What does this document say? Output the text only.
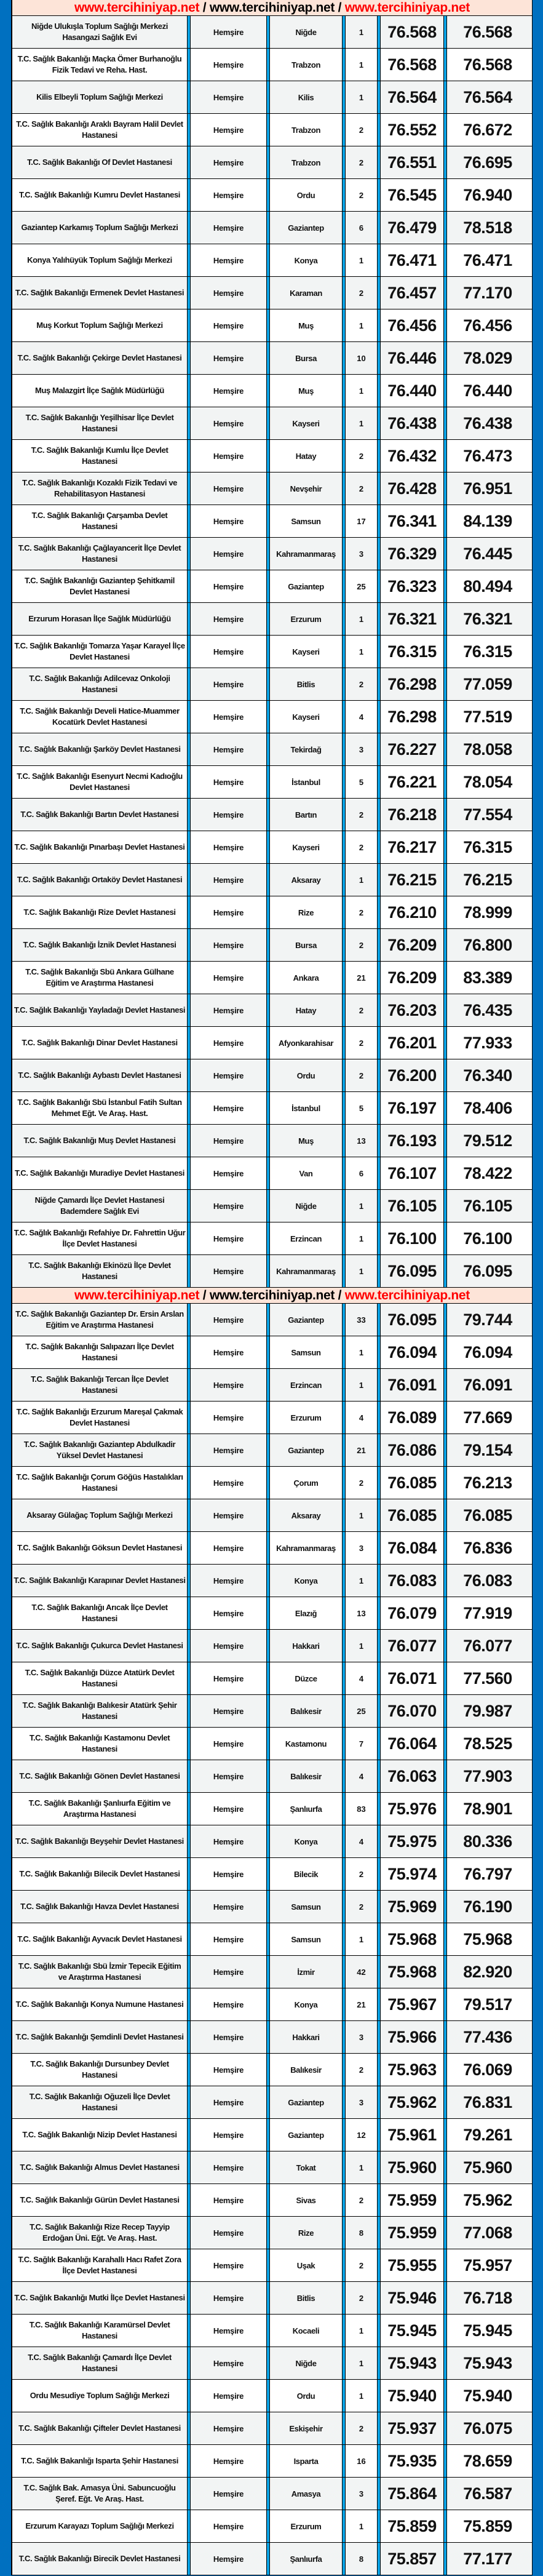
www.tercihiniyap.net / www.tercihiniyap.net / www.tercihiniyap.net
Niğde Ulukışla Toplum Sağlığı Merkezi Hasangazi Sağlık Evi
Hemşire	Niğde	1	76.568	76.568
T.C. Sağlık Bakanlığı Maçka Ömer Burhanoğlu Fizik Tedavi ve Reha. Hast.
Hemşire	Trabzon	1	76.568	76.568
Kilis Elbeyli Toplum Sağlığı Merkezi	Hemşire	Kilis	1	76.564	76.564
T.C. Sağlık Bakanlığı Araklı Bayram Halil Devlet Hastanesi
Hemşire	Trabzon	2	76.552	76.672
T.C. Sağlık Bakanlığı Of Devlet Hastanesi	Hemşire	Trabzon	2	76.551	76.695
T.C. Sağlık Bakanlığı Kumru Devlet Hastanesi	Hemşire	Ordu	2	76.545	76.940
Gaziantep Karkamış Toplum Sağlığı Merkezi	Hemşire	Gaziantep	6	76.479	78.518
Konya Yalıhüyük Toplum Sağlığı Merkezi	Hemşire	Konya	1	76.471	76.471
T.C. Sağlık Bakanlığı Ermenek Devlet Hastanesi	Hemşire	Karaman	2	76.457	77.170
Muş Korkut Toplum Sağlığı Merkezi	Hemşire	Muş	1	76.456	76.456
T.C. Sağlık Bakanlığı Çekirge Devlet Hastanesi	Hemşire	Bursa	10	76.446	78.029
Muş Malazgirt İlçe Sağlık Müdürlüğü	Hemşire	Muş	1	76.440	76.440
T.C. Sağlık Bakanlığı Yeşilhisar İlçe Devlet Hastanesi
Hemşire	Kayseri	1	76.438	76.438
T.C. Sağlık Bakanlığı Kumlu İlçe Devlet Hastanesi
Hemşire	Hatay	2	76.432	76.473
T.C. Sağlık Bakanlığı Kozaklı Fizik Tedavi ve Rehabilitasyon Hastanesi
Hemşire	Nevşehir	2	76.428	76.951
T.C. Sağlık Bakanlığı Çarşamba Devlet Hastanesi
Hemşire	Samsun	17	76.341	84.139
T.C. Sağlık Bakanlığı Çağlayancerit İlçe Devlet Hastanesi
Hemşire	Kahramanmaraş	3	76.329	76.445
T.C. Sağlık Bakanlığı Gaziantep Şehitkamil Devlet Hastanesi
Hemşire	Gaziantep	25	76.323	80.494
Erzurum Horasan İlçe Sağlık Müdürlüğü	Hemşire	Erzurum	1	76.321	76.321
T.C. Sağlık Bakanlığı Tomarza Yaşar Karayel İlçe Devlet Hastanesi
Hemşire	Kayseri	1	76.315	76.315
T.C. Sağlık Bakanlığı Adilcevaz Onkoloji Hastanesi
Hemşire	Bitlis	2	76.298	77.059
T.C. Sağlık Bakanlığı Develi Hatice-Muammer Kocatürk Devlet Hastanesi
Hemşire	Kayseri	4	76.298	77.519
T.C. Sağlık Bakanlığı Şarköy Devlet Hastanesi	Hemşire	Tekirdağ	3	76.227	78.058
T.C. Sağlık Bakanlığı Esenyurt Necmi Kadıoğlu Devlet Hastanesi
Hemşire	İstanbul	5	76.221	78.054
T.C. Sağlık Bakanlığı Bartın Devlet Hastanesi	Hemşire	Bartın	2	76.218	77.554
T.C. Sağlık Bakanlığı Pınarbaşı Devlet Hastanesi	Hemşire	Kayseri	2	76.217	76.315
T.C. Sağlık Bakanlığı Ortaköy Devlet Hastanesi	Hemşire	Aksaray	1	76.215	76.215
T.C. Sağlık Bakanlığı Rize Devlet Hastanesi	Hemşire	Rize	2	76.210	78.999
T.C. Sağlık Bakanlığı İznik Devlet Hastanesi	Hemşire	Bursa	2	76.209	76.800
T.C. Sağlık Bakanlığı Sbü Ankara Gülhane Eğitim ve Araştırma Hastanesi
Hemşire	Ankara	21	76.209	83.389
T.C. Sağlık Bakanlığı Yayladağı Devlet Hastanesi	Hemşire	Hatay	2	76.203	76.435
T.C. Sağlık Bakanlığı Dinar Devlet Hastanesi	Hemşire	Afyonkarahisar	2	76.201	77.933
T.C. Sağlık Bakanlığı Aybastı Devlet Hastanesi	Hemşire	Ordu	2	76.200	76.340
T.C. Sağlık Bakanlığı Sbü İstanbul Fatih Sultan Mehmet Eğt. Ve Araş. Hast.
Hemşire	İstanbul	5	76.197	78.406
T.C. Sağlık Bakanlığı Muş Devlet Hastanesi	Hemşire	Muş	13	76.193	79.512
T.C. Sağlık Bakanlığı Muradiye Devlet Hastanesi	Hemşire	Van	6	76.107	78.422
Niğde Çamardı İlçe Devlet Hastanesi Bademdere Sağlık Evi
Hemşire	Niğde	1	76.105	76.105
T.C. Sağlık Bakanlığı Refahiye Dr. Fahrettin Uğur İlçe Devlet Hastanesi
Hemşire	Erzincan	1	76.100	76.100
T.C. Sağlık Bakanlığı Ekinözü İlçe Devlet Hastanesi
Hemşire	Kahramanmaraş	1	76.095	76.095
www.tercihiniyap.net / www.tercihiniyap.net / www.tercihiniyap.net
T.C. Sağlık Bakanlığı Gaziantep Dr. Ersin Arslan Eğitim ve Araştırma Hastanesi
Hemşire	Gaziantep	33	76.095	79.744
T.C. Sağlık Bakanlığı Salıpazarı İlçe Devlet Hastanesi
Hemşire	Samsun	1	76.094	76.094
T.C. Sağlık Bakanlığı Tercan İlçe Devlet Hastanesi
Hemşire	Erzincan	1	76.091	76.091
T.C. Sağlık Bakanlığı Erzurum Mareşal Çakmak Devlet Hastanesi
Hemşire	Erzurum	4	76.089	77.669
T.C. Sağlık Bakanlığı Gaziantep Abdulkadir Yüksel Devlet Hastanesi
Hemşire	Gaziantep	21	76.086	79.154
T.C. Sağlık Bakanlığı Çorum Göğüs Hastalıkları Hastanesi
Hemşire	Çorum	2	76.085	76.213
Aksaray Gülağaç Toplum Sağlığı Merkezi	Hemşire	Aksaray	1	76.085	76.085
T.C. Sağlık Bakanlığı Göksun Devlet Hastanesi	Hemşire	Kahramanmaraş	3	76.084	76.836
T.C. Sağlık Bakanlığı Karapınar Devlet Hastanesi	Hemşire	Konya	1	76.083	76.083
T.C. Sağlık Bakanlığı Arıcak İlçe Devlet Hastanesi
Hemşire	Elazığ	13	76.079	77.919
T.C. Sağlık Bakanlığı Çukurca Devlet Hastanesi	Hemşire	Hakkari	1	76.077	76.077
T.C. Sağlık Bakanlığı Düzce Atatürk Devlet Hastanesi
Hemşire	Düzce	4	76.071	77.560
T.C. Sağlık Bakanlığı Balıkesir Atatürk Şehir Hastanesi
Hemşire	Balıkesir	25	76.070	79.987
T.C. Sağlık Bakanlığı Kastamonu Devlet Hastanesi
Hemşire	Kastamonu	7	76.064	78.525
T.C. Sağlık Bakanlığı Gönen Devlet Hastanesi	Hemşire	Balıkesir	4	76.063	77.903
T.C. Sağlık Bakanlığı Şanlıurfa Eğitim ve Araştırma Hastanesi
Hemşire	Şanlıurfa	83	75.976	78.901
T.C. Sağlık Bakanlığı Beyşehir Devlet Hastanesi	Hemşire	Konya	4	75.975	80.336
T.C. Sağlık Bakanlığı Bilecik Devlet Hastanesi	Hemşire	Bilecik	2	75.974	76.797
T.C. Sağlık Bakanlığı Havza Devlet Hastanesi	Hemşire	Samsun	2	75.969	76.190
T.C. Sağlık Bakanlığı Ayvacık Devlet Hastanesi	Hemşire	Samsun	1	75.968	75.968
T.C. Sağlık Bakanlığı Sbü İzmir Tepecik Eğitim ve Araştırma Hastanesi
Hemşire	İzmir	42	75.968	82.920
T.C. Sağlık Bakanlığı Konya Numune Hastanesi	Hemşire	Konya	21	75.967	79.517
T.C. Sağlık Bakanlığı Şemdinli Devlet Hastanesi	Hemşire	Hakkari	3	75.966	77.436
T.C. Sağlık Bakanlığı Dursunbey Devlet Hastanesi
Hemşire	Balıkesir	2	75.963	76.069
T.C. Sağlık Bakanlığı Oğuzeli İlçe Devlet Hastanesi
Hemşire	Gaziantep	3	75.962	76.831
T.C. Sağlık Bakanlığı Nizip Devlet Hastanesi	Hemşire	Gaziantep	12	75.961	79.261
T.C. Sağlık Bakanlığı Almus Devlet Hastanesi	Hemşire	Tokat	1	75.960	75.960
T.C. Sağlık Bakanlığı Gürün Devlet Hastanesi	Hemşire	Sivas	2	75.959	75.962
T.C. Sağlık Bakanlığı Rize Recep Tayyip Erdoğan Üni. Eğt. Ve Araş. Hast.
Hemşire	Rize	8	75.959	77.068
T.C. Sağlık Bakanlığı Karahallı Hacı Rafet Zora İlçe Devlet Hastanesi
Hemşire	Uşak	2	75.955	75.957
T.C. Sağlık Bakanlığı Mutki İlçe Devlet Hastanesi	Hemşire	Bitlis	2	75.946	76.718
T.C. Sağlık Bakanlığı Karamürsel Devlet Hastanesi
Hemşire	Kocaeli	1	75.945	75.945
T.C. Sağlık Bakanlığı Çamardı İlçe Devlet Hastanesi
Hemşire	Niğde	1	75.943	75.943
Ordu Mesudiye Toplum Sağlığı Merkezi	Hemşire	Ordu	1	75.940	75.940
T.C. Sağlık Bakanlığı Çifteler Devlet Hastanesi	Hemşire	Eskişehir	2	75.937	76.075
T.C. Sağlık Bakanlığı Isparta Şehir Hastanesi	Hemşire	Isparta	16	75.935	78.659
T.C. Sağlık Bak. Amasya Üni. Sabuncuoğlu Şeref. Eğt. Ve Araş. Hast.
Hemşire	Amasya	3	75.864	76.587
Erzurum Karayazı Toplum Sağlığı Merkezi	Hemşire	Erzurum	1	75.859	75.859
T.C. Sağlık Bakanlığı Birecik Devlet Hastanesi	Hemşire	Şanlıurfa	8	75.857	77.177
